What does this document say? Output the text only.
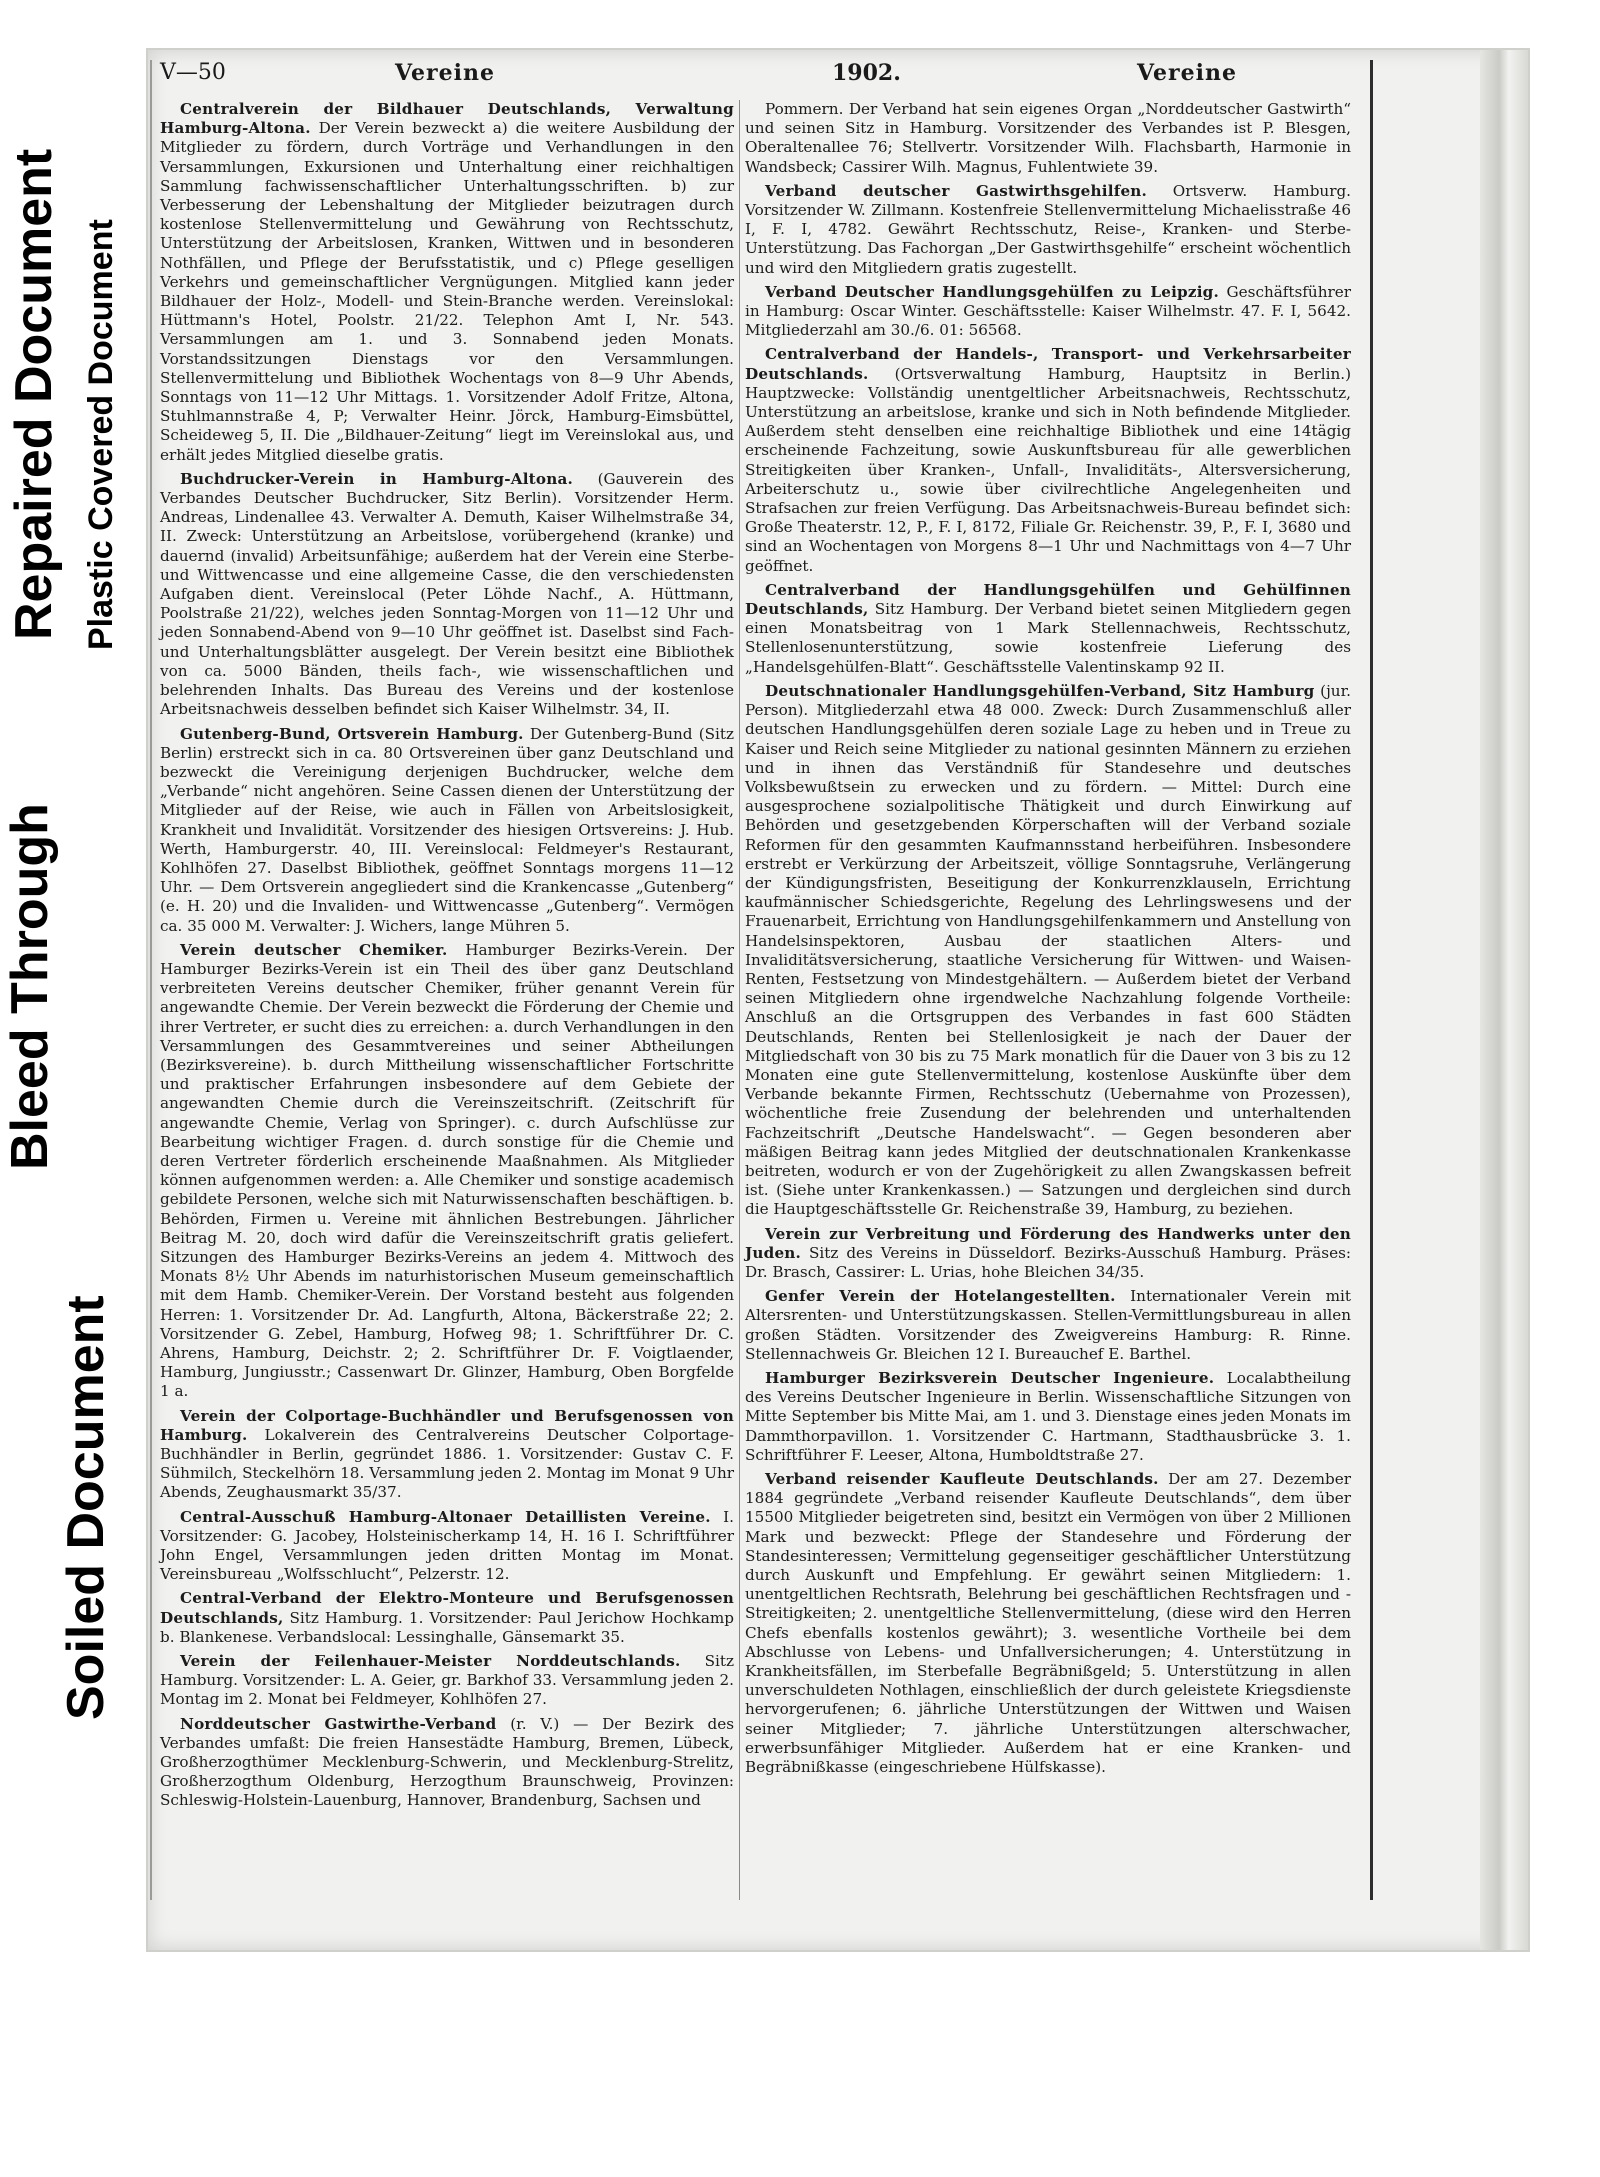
Bleed Through
Repaired Document Plastic Covered Document
Soiled Document
V—50	Vereine	1902.	Vereine

Centralverein der Bildhauer Deutschlands, Verwaltung Hamburg-Altona. Der Verein bezweckt a) die weitere Ausbildung der Mitglieder zu fördern, durch Vorträge und Verhandlungen in den Versammlungen, Exkursionen und Unterhaltung einer reichhaltigen Sammlung fachwissenschaftlicher Unterhaltungsschriften. b) zur Verbesserung der Lebenshaltung der Mitglieder beizutragen durch kostenlose Stellenvermittelung und Gewährung von Rechtsschutz, Unterstützung der Arbeitslosen, Kranken, Wittwen und in besonderen Nothfällen, und Pflege der Berufsstatistik, und c) Pflege geselligen Verkehrs und gemeinschaftlicher Vergnügungen. Mitglied kann jeder Bildhauer der Holz-, Modell- und Stein-Branche werden. Vereinslokal: Hüttmann's Hotel, Poolstr. 21/22. Telephon Amt I, Nr. 543. Versammlungen am 1. und 3. Sonnabend jeden Monats. Vorstandssitzungen Dienstags vor den Versammlungen. Stellenvermittelung und Bibliothek Wochentags von 8—9 Uhr Abends, Sonntags von 11—12 Uhr Mittags. 1. Vorsitzender Adolf Fritze, Altona, Stuhlmannstraße 4, P; Verwalter Heinr. Jörck, Hamburg-Eimsbüttel, Scheideweg 5, II. Die „Bildhauer-Zeitung“ liegt im Vereinslokal aus, und erhält jedes Mitglied dieselbe gratis.

Buchdrucker-Verein in Hamburg-Altona. (Gauverein des Verbandes Deutscher Buchdrucker, Sitz Berlin). Vorsitzender Herm. Andreas, Lindenallee 43. Verwalter A. Demuth, Kaiser Wilhelmstraße 34, II. Zweck: Unterstützung an Arbeitslose, vorübergehend (kranke) und dauernd (invalid) Arbeitsunfähige; außerdem hat der Verein eine Sterbe- und Wittwencasse und eine allgemeine Casse, die den verschiedensten Aufgaben dient. Vereinslocal (Peter Löhde Nachf., A. Hüttmann, Poolstraße 21/22), welches jeden Sonntag-Morgen von 11—12 Uhr und jeden Sonnabend-Abend von 9—10 Uhr geöffnet ist. Daselbst sind Fach- und Unterhaltungsblätter ausgelegt. Der Verein besitzt eine Bibliothek von ca. 5000 Bänden, theils fach-, wie wissenschaftlichen und belehrenden Inhalts. Das Bureau des Vereins und der kostenlose Arbeitsnachweis desselben befindet sich Kaiser Wilhelmstr. 34, II.

Gutenberg-Bund, Ortsverein Hamburg. Der Gutenberg-Bund (Sitz Berlin) erstreckt sich in ca. 80 Ortsvereinen über ganz Deutschland und bezweckt die Vereinigung derjenigen Buchdrucker, welche dem „Verbande“ nicht angehören. Seine Cassen dienen der Unterstützung der Mitglieder auf der Reise, wie auch in Fällen von Arbeitslosigkeit, Krankheit und Invalidität. Vorsitzender des hiesigen Ortsvereins: J. Hub. Werth, Hamburgerstr. 40, III. Vereinslocal: Feldmeyer's Restaurant, Kohlhöfen 27. Daselbst Bibliothek, geöffnet Sonntags morgens 11—12 Uhr. — Dem Ortsverein angegliedert sind die Krankencasse „Gutenberg“ (e. H. 20) und die Invaliden- und Wittwencasse „Gutenberg“. Vermögen ca. 35 000 M. Verwalter: J. Wichers, lange Mühren 5.

Verein deutscher Chemiker. Hamburger Bezirks-Verein. Der Hamburger Bezirks-Verein ist ein Theil des über ganz Deutschland verbreiteten Vereins deutscher Chemiker, früher genannt Verein für angewandte Chemie. Der Verein bezweckt die Förderung der Chemie und ihrer Vertreter, er sucht dies zu erreichen: a. durch Verhandlungen in den Versammlungen des Gesammtvereines und seiner Abtheilungen (Bezirksvereine). b. durch Mittheilung wissenschaftlicher Fortschritte und praktischer Erfahrungen insbesondere auf dem Gebiete der angewandten Chemie durch die Vereinszeitschrift. (Zeitschrift für angewandte Chemie, Verlag von Springer). c. durch Aufschlüsse zur Bearbeitung wichtiger Fragen. d. durch sonstige für die Chemie und deren Vertreter förderlich erscheinende Maaßnahmen. Als Mitglieder können aufgenommen werden: a. Alle Chemiker und sonstige academisch gebildete Personen, welche sich mit Naturwissenschaften beschäftigen. b. Behörden, Firmen u. Vereine mit ähnlichen Bestrebungen. Jährlicher Beitrag M. 20, doch wird dafür die Vereinszeitschrift gratis geliefert. Sitzungen des Hamburger Bezirks-Vereins an jedem 4. Mittwoch des Monats 8½ Uhr Abends im naturhistorischen Museum gemeinschaftlich mit dem Hamb. Chemiker-Verein. Der Vorstand besteht aus folgenden Herren: 1. Vorsitzender Dr. Ad. Langfurth, Altona, Bäckerstraße 22; 2. Vorsitzender G. Zebel, Hamburg, Hofweg 98; 1. Schriftführer Dr. C. Ahrens, Hamburg, Deichstr. 2; 2. Schriftführer Dr. F. Voigtlaender, Hamburg, Jungiusstr.; Cassenwart Dr. Glinzer, Hamburg, Oben Borgfelde 1 a.

Verein der Colportage-Buchhändler und Berufsgenossen von Hamburg. Lokalverein des Centralvereins Deutscher Colportage-Buchhändler in Berlin, gegründet 1886. 1. Vorsitzender: Gustav C. F. Sühmilch, Steckelhörn 18. Versammlung jeden 2. Montag im Monat 9 Uhr Abends, Zeughausmarkt 35/37.

Central-Ausschuß Hamburg-Altonaer Detaillisten Vereine. I. Vorsitzender: G. Jacobey, Holsteinischerkamp 14, H. 16 I. Schriftführer John Engel, Versammlungen jeden dritten Montag im Monat. Vereinsbureau „Wolfsschlucht“, Pelzerstr. 12.

Central-Verband der Elektro-Monteure und Berufsgenossen Deutschlands, Sitz Hamburg. 1. Vorsitzender: Paul Jerichow Hochkamp b. Blankenese. Verbandslocal: Lessinghalle, Gänsemarkt 35.

Verein der Feilenhauer-Meister Norddeutschlands. Sitz Hamburg. Vorsitzender: L. A. Geier, gr. Barkhof 33. Versammlung jeden 2. Montag im 2. Monat bei Feldmeyer, Kohlhöfen 27.

Norddeutscher Gastwirthe-Verband (r. V.) — Der Bezirk des Verbandes umfaßt: Die freien Hansestädte Hamburg, Bremen, Lübeck, Großherzogthümer Mecklenburg-Schwerin, und Mecklenburg-Strelitz, Großherzogthum Oldenburg, Herzogthum Braunschweig, Provinzen: Schleswig-Holstein-Lauenburg, Hannover, Brandenburg, Sachsen und

Pommern. Der Verband hat sein eigenes Organ „Norddeutscher Gastwirth“ und seinen Sitz in Hamburg. Vorsitzender des Verbandes ist P. Blesgen, Oberaltenallee 76; Stellvertr. Vorsitzender Wilh. Flachsbarth, Harmonie in Wandsbeck; Cassirer Wilh. Magnus, Fuhlentwiete 39.

Verband deutscher Gastwirthsgehilfen. Ortsverw. Hamburg. Vorsitzender W. Zillmann. Kostenfreie Stellenvermittelung Michaelisstraße 46 I, F. I, 4782. Gewährt Rechtsschutz, Reise-, Kranken- und Sterbe-Unterstützung. Das Fachorgan „Der Gastwirthsgehilfe“ erscheint wöchentlich und wird den Mitgliedern gratis zugestellt.

Verband Deutscher Handlungsgehülfen zu Leipzig. Geschäftsführer in Hamburg: Oscar Winter. Geschäftsstelle: Kaiser Wilhelmstr. 47. F. I, 5642. Mitgliederzahl am 30./6. 01: 56568.

Centralverband der Handels-, Transport- und Verkehrsarbeiter Deutschlands. (Ortsverwaltung Hamburg, Hauptsitz in Berlin.) Hauptzwecke: Vollständig unentgeltlicher Arbeitsnachweis, Rechtsschutz, Unterstützung an arbeitslose, kranke und sich in Noth befindende Mitglieder. Außerdem steht denselben eine reichhaltige Bibliothek und eine 14tägig erscheinende Fachzeitung, sowie Auskunftsbureau für alle gewerblichen Streitigkeiten über Kranken-, Unfall-, Invaliditäts-, Altersversicherung, Arbeiterschutz u., sowie über civilrechtliche Angelegenheiten und Strafsachen zur freien Verfügung. Das Arbeitsnachweis-Bureau befindet sich: Große Theaterstr. 12, P., F. I, 8172, Filiale Gr. Reichenstr. 39, P., F. I, 3680 und sind an Wochentagen von Morgens 8—1 Uhr und Nachmittags von 4—7 Uhr geöffnet.

Centralverband der Handlungsgehülfen und Gehülfinnen Deutschlands, Sitz Hamburg. Der Verband bietet seinen Mitgliedern gegen einen Monatsbeitrag von 1 Mark Stellennachweis, Rechtsschutz, Stellenlosenunterstützung, sowie kostenfreie Lieferung des „Handelsgehülfen-Blatt“. Geschäftsstelle Valentinskamp 92 II.

Deutschnationaler Handlungsgehülfen-Verband, Sitz Hamburg (jur. Person). Mitgliederzahl etwa 48 000. Zweck: Durch Zusammenschluß aller deutschen Handlungsgehülfen deren soziale Lage zu heben und in Treue zu Kaiser und Reich seine Mitglieder zu national gesinnten Männern zu erziehen und in ihnen das Verständniß für Standesehre und deutsches Volksbewußtsein zu erwecken und zu fördern. — Mittel: Durch eine ausgesprochene sozialpolitische Thätigkeit und durch Einwirkung auf Behörden und gesetzgebenden Körperschaften will der Verband soziale Reformen für den gesammten Kaufmannsstand herbeiführen. Insbesondere erstrebt er Verkürzung der Arbeitszeit, völlige Sonntagsruhe, Verlängerung der Kündigungsfristen, Beseitigung der Konkurrenzklauseln, Errichtung kaufmännischer Schiedsgerichte, Regelung des Lehrlingswesens und der Frauenarbeit, Errichtung von Handlungsgehilfenkammern und Anstellung von Handelsinspektoren, Ausbau der staatlichen Alters- und Invaliditätsversicherung, staatliche Versicherung für Wittwen- und Waisen-Renten, Festsetzung von Mindestgehältern. — Außerdem bietet der Verband seinen Mitgliedern ohne irgendwelche Nachzahlung folgende Vortheile: Anschluß an die Ortsgruppen des Verbandes in fast 600 Städten Deutschlands, Renten bei Stellenlosigkeit je nach der Dauer der Mitgliedschaft von 30 bis zu 75 Mark monatlich für die Dauer von 3 bis zu 12 Monaten eine gute Stellenvermittelung, kostenlose Auskünfte über dem Verbande bekannte Firmen, Rechtsschutz (Uebernahme von Prozessen), wöchentliche freie Zusendung der belehrenden und unterhaltenden Fachzeitschrift „Deutsche Handelswacht“. — Gegen besonderen aber mäßigen Beitrag kann jedes Mitglied der deutschnationalen Krankenkasse beitreten, wodurch er von der Zugehörigkeit zu allen Zwangskassen befreit ist. (Siehe unter Krankenkassen.) — Satzungen und dergleichen sind durch die Hauptgeschäftsstelle Gr. Reichenstraße 39, Hamburg, zu beziehen.

Verein zur Verbreitung und Förderung des Handwerks unter den Juden. Sitz des Vereins in Düsseldorf. Bezirks-Ausschuß Hamburg. Präses: Dr. Brasch, Cassirer: L. Urias, hohe Bleichen 34/35.

Genfer Verein der Hotelangestellten. Internationaler Verein mit Altersrenten- und Unterstützungskassen. Stellen-Vermittlungsbureau in allen großen Städten. Vorsitzender des Zweigvereins Hamburg: R. Rinne. Stellennachweis Gr. Bleichen 12 I. Bureauchef E. Barthel.

Hamburger Bezirksverein Deutscher Ingenieure. Localabtheilung des Vereins Deutscher Ingenieure in Berlin. Wissenschaftliche Sitzungen von Mitte September bis Mitte Mai, am 1. und 3. Dienstage eines jeden Monats im Dammthorpavillon. 1. Vorsitzender C. Hartmann, Stadthausbrücke 3. 1. Schriftführer F. Leeser, Altona, Humboldtstraße 27.

Verband reisender Kaufleute Deutschlands. Der am 27. Dezember 1884 gegründete „Verband reisender Kaufleute Deutschlands“, dem über 15500 Mitglieder beigetreten sind, besitzt ein Vermögen von über 2 Millionen Mark und bezweckt: Pflege der Standesehre und Förderung der Standesinteressen; Vermittelung gegenseitiger geschäftlicher Unterstützung durch Auskunft und Empfehlung. Er gewährt seinen Mitgliedern: 1. unentgeltlichen Rechtsrath, Belehrung bei geschäftlichen Rechtsfragen und -Streitigkeiten; 2. unentgeltliche Stellenvermittelung, (diese wird den Herren Chefs ebenfalls kostenlos gewährt); 3. wesentliche Vortheile bei dem Abschlusse von Lebens- und Unfallversicherungen; 4. Unterstützung in Krankheitsfällen, im Sterbefalle Begräbnißgeld; 5. Unterstützung in allen unverschuldeten Nothlagen, einschließlich der durch geleistete Kriegsdienste hervorgerufenen; 6. jährliche Unterstützungen der Wittwen und Waisen seiner Mitglieder; 7. jährliche Unterstützungen alterschwacher, erwerbsunfähiger Mitglieder. Außerdem hat er eine Kranken- und Begräbnißkasse (eingeschriebene Hülfskasse).
